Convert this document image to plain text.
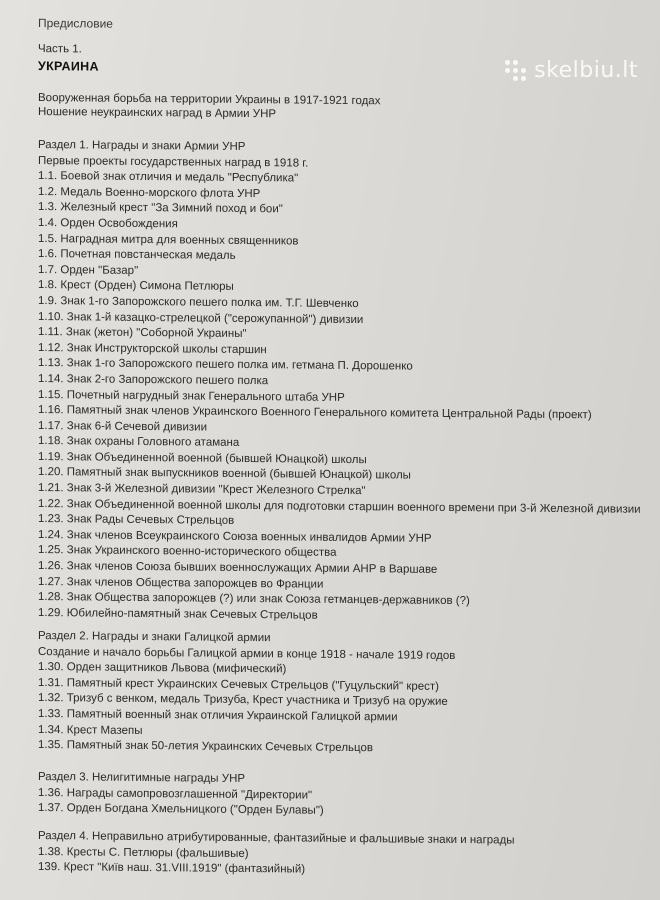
Предисловие
Часть 1.
УКРАИНА
Вооруженная борьба на территории Украины в 1917-1921 годах
Ношение неукраинских наград в Армии УНР
Раздел 1. Награды и знаки Армии УНР
Первые проекты государственных наград в 1918 г.
1.1. Боевой знак отличия и медаль "Республика"
1.2. Медаль Военно-морского флота УНР
1.3. Железный крест "За Зимний поход и бои"
1.4. Орден Освобождения
1.5. Наградная митра для военных священников
1.6. Почетная повстанческая медаль
1.7. Орден "Базар"
1.8. Крест (Орден) Симона Петлюры
1.9. Знак 1-го Запорожского пешего полка им. Т.Г. Шевченко
1.10. Знак 1-й казацко-стрелецкой ("серожупанной") дивизии
1.11. Знак (жетон) "Соборной Украины"
1.12. Знак Инструкторской школы старшин
1.13. Знак 1-го Запорожского пешего полка им. гетмана П. Дорошенко
1.14. Знак 2-го Запорожского пешего полка
1.15. Почетный нагрудный знак Генерального штаба УНР
1.16. Памятный знак членов Украинского Военного Генерального комитета Центральной Рады (проект)
1.17. Знак 6-й Сечевой дивизии
1.18. Знак охраны Головного атамана
1.19. Знак Объединенной военной (бывшей Юнацкой) школы
1.20. Памятный знак выпускников военной (бывшей Юнацкой) школы
1.21. Знак 3-й Железной дивизии "Крест Железного Стрелка"
1.22. Знак Объединенной военной школы для подготовки старшин военного времени при 3-й Железной дивизии
1.23. Знак Рады Сечевых Стрельцов
1.24. Знак членов Всеукраинского Союза военных инвалидов Армии УНР
1.25. Знак Украинского военно-исторического общества
1.26. Знак членов Союза бывших военнослужащих Армии АНР в Варшаве
1.27. Знак членов Общества запорожцев во Франции
1.28. Знак Общества запорожцев (?) или знак Союза гетманцев-державников (?)
1.29. Юбилейно-памятный знак Сечевых Стрельцов
Раздел 2. Награды и знаки Галицкой армии
Создание и начало борьбы Галицкой армии в конце 1918 - начале 1919 годов
1.30. Орден защитников Львова (мифический)
1.31. Памятный крест Украинских Сечевых Стрельцов ("Гуцульский" крест)
1.32. Тризуб с венком, медаль Тризуба, Крест участника и Тризуб на оружие
1.33. Памятный военный знак отличия Украинской Галицкой армии
1.34. Крест Мазепы
1.35. Памятный знак 50-летия Украинских Сечевых Стрельцов
Раздел 3. Нелигитимные награды УНР
1.36. Награды самопровозглашенной "Директории"
1.37. Орден Богдана Хмельницкого ("Орден Булавы")
Раздел 4. Неправильно атрибутированные, фантазийные и фальшивые знаки и награды
1.38. Кресты С. Петлюры (фальшивые)
139. Крест "Київ наш. 31.VIII.1919" (фантазийный)
skelbiu.lt
